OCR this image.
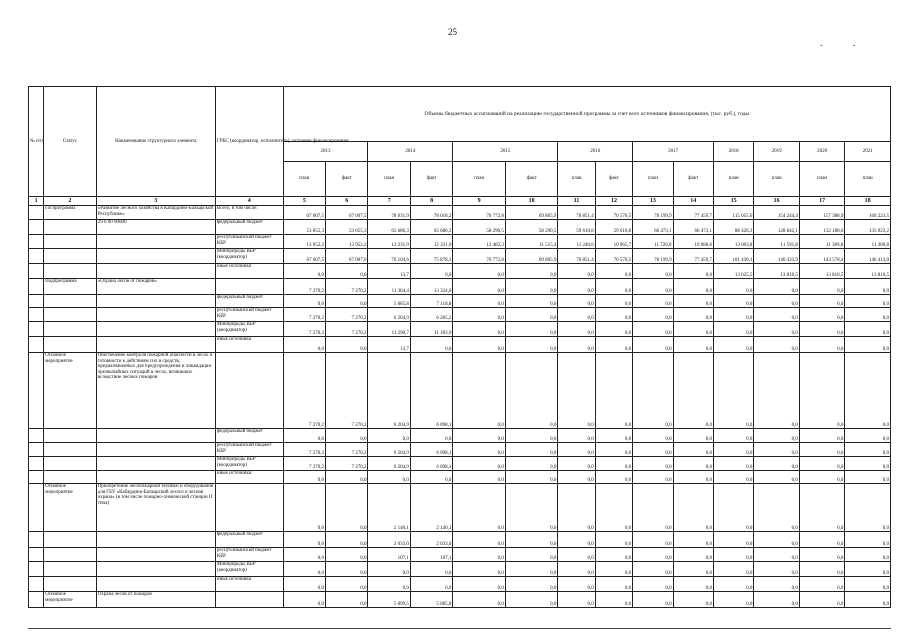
25
. .
№ п/п	Статус	Наименование структурного элемента	ГРБС (координатор, исполнитель), источник финансирования	Объемы бюджетных ассигнований на реализацию государственной программы за счет всех источников финансирования, (тыс. руб.), годы													
				2013		2014		2015		2016		2017		2018	2019	2020	2021
				план	факт	план	факт	план	факт	план	факт	план	факт	план	план	план	план
1	2	3	4	5	6	7	8	9	10	11	12	13	14	15	16	17	18
	Госпрограмма	«Развитие лесного хозяйства в Кабардино-Балкарской Республике»	Всего, в том числе:	67 007,5	67 007,5	78 031,9	78 018,2	70 772,8	69 805,9	70 851,4	70 576,5	78 199,9	77 459,7	115 055,6	154 244,4	157 388,9	160 223,5
		29 0 00 00000	федеральный бюджет	53 055,3	53 055,3	65 686,3	65 686,3	58 290,5	58 290,5	59 610,8	59 610,8	66 473,1	66 473,1	88 426,3	128 842,1	132 188,6	135 023,2
			республиканский бюджет КБР	13 952,2	13 952,2	12 331,9	12 331,9	12 482,3	11 515,4	11 240,6	10 965,7	11 726,8	10 986,6	13 003,8	11 591,8	11 389,8	11 389,8
			Минприроды КБР (координатор)	67 007,5	67 007,6	76 104,6	75 878,1	70 772,8	69 805,9	70 851,4	70 576,5	78 199,9	77 459,7	101 430,1	140 433,9	143 578,4	146 413,0
			иные источники	0,0	0,0	13,7	0,0	0,0	0,0	0,0	0,0	0,0	0,0	13 625,5	13 810,5	13 810,5	13 810,5
	Подпрограмма	«Охрана лесов от пожаров»		7 270,2	7 270,2	11 304,4	13 324,0	0,0	0,0	0,0	0,0	0,0	0,0	0,0	0,0	0,0	0,0
			федеральный бюджет	0,0	0,0	5 085,8	7 118,8	0,0	0,0	0,0	0,0	0,0	0,0	0,0	0,0	0,0	0,0
			республиканский бюджет КБР	7 270,2	7 270,2	6 204,9	6 205,2	0,0	0,0	0,0	0,0	0,0	0,0	0,0	0,0	0,0	0,0
			Минприроды КБР (координатор)	7 270,2	7 270,2	11 290,7	11 183,9	0,0	0,0	0,0	0,0	0,0	0,0	0,0	0,0	0,0	0,0
			иные источники	0,0	0,0	13,7	0,0	0,0	0,0	0,0	0,0	0,0	0,0	0,0	0,0	0,0	0,0
	Основное мероприятие	Обеспечение контроля пожарной опасности в лесах и готовности к действиям сил и средств, предназначенных для предупреждения и ликвидации чрезвычайных ситуаций в лесах, возникших вследствие лесных пожаров		7 270,2	7 270,2	6 204,9	6 098,1	0,0	0,0	0,0	0,0	0,0	0,0	0,0	0,0	0,0	0,0
			федеральный бюджет	0,0	0,0	0,0	0,0	0,0	0,0	0,0	0,0	0,0	0,0	0,0	0,0	0,0	0,0
			республиканский бюджет КБР	7 270,2	7 270,2	6 204,9	6 098,1	0,0	0,0	0,0	0,0	0,0	0,0	0,0	0,0	0,0	0,0
			Минприроды КБР (координатор)	7 270,2	7 270,2	6 204,9	6 098,1	0,0	0,0	0,0	0,0	0,0	0,0	0,0	0,0	0,0	0,0
			иные источники	0,0	0,0	0,0	0,0	0,0	0,0	0,0	0,0	0,0	0,0	0,0	0,0	0,0	0,0
	Основное мероприятие	Приобретение лесопожарной техники и оборудования для ГБУ «Кабардино-Балкарский лесхоз и лесная охрана» (в том числе пожарно-химической станции II типа)		0,0	0,0	2 140,1	2 140,1	0,0	0,0	0,0	0,0	0,0	0,0	0,0	0,0	0,0	0,0
			федеральный бюджет	0,0	0,0	2 033,0	2 033,0	0,0	0,0	0,0	0,0	0,0	0,0	0,0	0,0	0,0	0,0
			республиканский бюджет КБР	0,0	0,0	107,1	107,1	0,0	0,0	0,0	0,0	0,0	0,0	0,0	0,0	0,0	0,0
			Минприроды КБР (координатор)	0,0	0,0	0,0	0,0	0,0	0,0	0,0	0,0	0,0	0,0	0,0	0,0	0,0	0,0
			иные источники	0,0	0,0	0,0	0,0	0,0	0,0	0,0	0,0	0,0	0,0	0,0	0,0	0,0	0,0
	Основное мероприятие	Охрана лесов от пожаров		0,0	0,0	5 099,5	5 085,8	0,0	0,0	0,0	0,0	0,0	0,0	0,0	0,0	0,0	0,0
